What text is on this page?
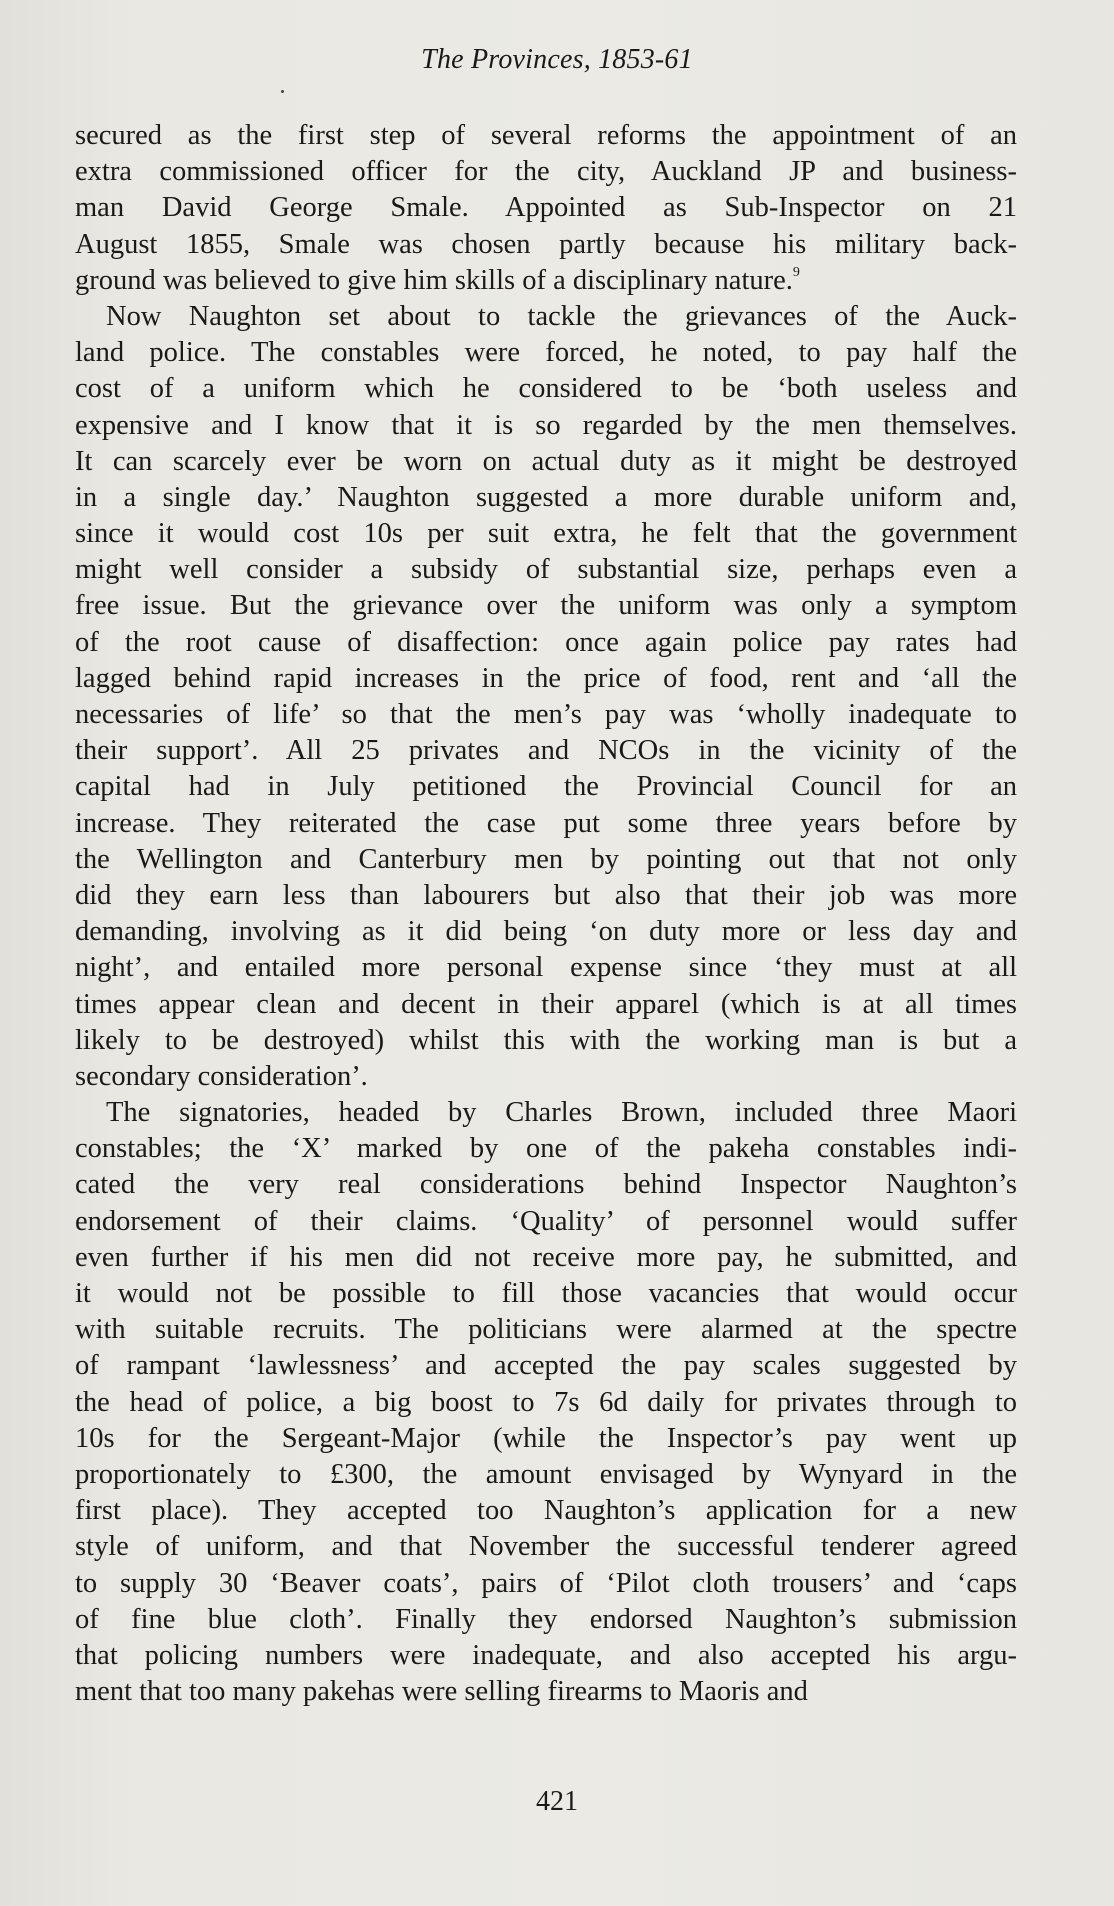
The Provinces, 1853-61
secured as the first step of several reforms the appointment of an
extra commissioned officer for the city, Auckland JP and business-
man David George Smale. Appointed as Sub-Inspector on 21
August 1855, Smale was chosen partly because his military back-
ground was believed to give him skills of a disciplinary nature.$^9$
Now Naughton set about to tackle the grievances of the Auck-
land police. The constables were forced, he noted, to pay half the
cost of a uniform which he considered to be ‘both useless and
expensive and I know that it is so regarded by the men themselves.
It can scarcely ever be worn on actual duty as it might be destroyed
in a single day.’ Naughton suggested a more durable uniform and,
since it would cost 10s per suit extra, he felt that the government
might well consider a subsidy of substantial size, perhaps even a
free issue. But the grievance over the uniform was only a symptom
of the root cause of disaffection: once again police pay rates had
lagged behind rapid increases in the price of food, rent and ‘all the
necessaries of life’ so that the men’s pay was ‘wholly inadequate to
their support’. All 25 privates and NCOs in the vicinity of the
capital had in July petitioned the Provincial Council for an
increase. They reiterated the case put some three years before by
the Wellington and Canterbury men by pointing out that not only
did they earn less than labourers but also that their job was more
demanding, involving as it did being ‘on duty more or less day and
night’, and entailed more personal expense since ‘they must at all
times appear clean and decent in their apparel (which is at all times
likely to be destroyed) whilst this with the working man is but a
secondary consideration’.
The signatories, headed by Charles Brown, included three Maori
constables; the ‘X’ marked by one of the pakeha constables indi-
cated the very real considerations behind Inspector Naughton’s
endorsement of their claims. ‘Quality’ of personnel would suffer
even further if his men did not receive more pay, he submitted, and
it would not be possible to fill those vacancies that would occur
with suitable recruits. The politicians were alarmed at the spectre
of rampant ‘lawlessness’ and accepted the pay scales suggested by
the head of police, a big boost to 7s 6d daily for privates through to
10s for the Sergeant-Major (while the Inspector’s pay went up
proportionately to £300, the amount envisaged by Wynyard in the
first place). They accepted too Naughton’s application for a new
style of uniform, and that November the successful tenderer agreed
to supply 30 ‘Beaver coats’, pairs of ‘Pilot cloth trousers’ and ‘caps
of fine blue cloth’. Finally they endorsed Naughton’s submission
that policing numbers were inadequate, and also accepted his argu-
ment that too many pakehas were selling firearms to Maoris and
421
